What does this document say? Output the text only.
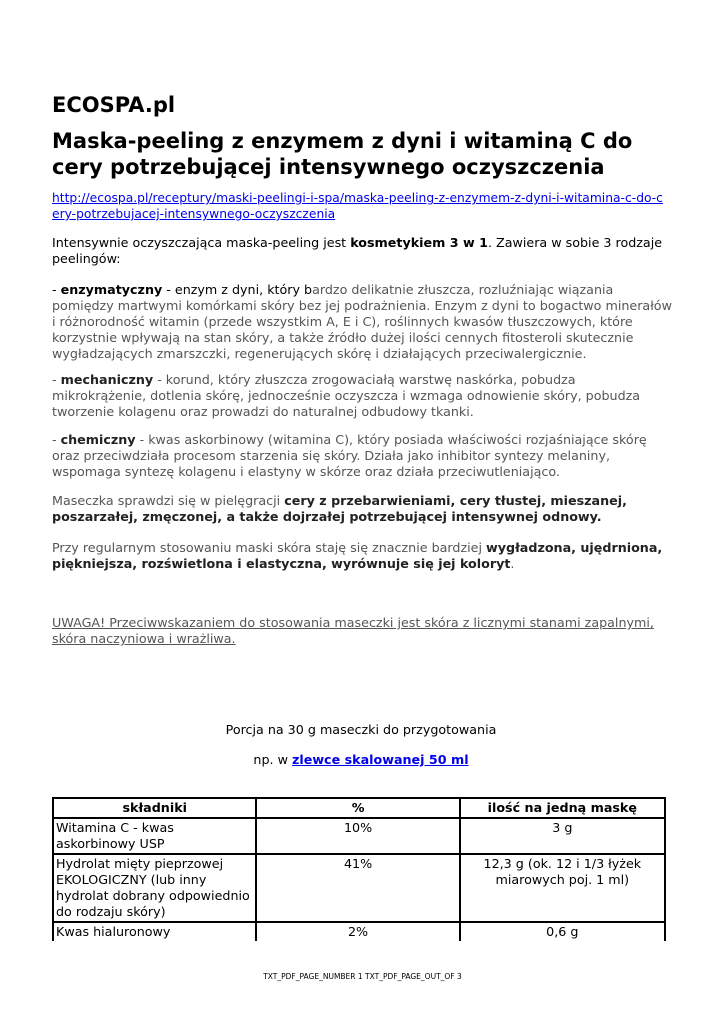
ECOSPA.pl
Maska-peeling z enzymem z dyni i witaminą C do cery potrzebującej intensywnego oczyszczenia
http://ecospa.pl/receptury/maski-peelingi-i-spa/maska-peeling-z-enzymem-z-dyni-i-witamina-c-do-cery-potrzebujacej-intensywnego-oczyszczenia

Intensywnie oczyszczająca maska-peeling jest kosmetykiem 3 w 1. Zawiera w sobie 3 rodzaje peelingów:

- enzymatyczny - enzym z dyni, który bardzo delikatnie złuszcza, rozluźniając wiązania pomiędzy martwymi komórkami skóry bez jej podrażnienia. Enzym z dyni to bogactwo minerałów i różnorodność witamin (przede wszystkim A, E i C), roślinnych kwasów tłuszczowych, które korzystnie wpływają na stan skóry, a także źródło dużej ilości cennych fitosteroli skutecznie wygładzających zmarszczki, regenerujących skórę i działających przeciwalergicznie.

- mechaniczny - korund, który złuszcza zrogowaciałą warstwę naskórka, pobudza mikrokrążenie, dotlenia skórę, jednocześnie oczyszcza i wzmaga odnowienie skóry, pobudza tworzenie kolagenu oraz prowadzi do naturalnej odbudowy tkanki.

- chemiczny - kwas askorbinowy (witamina C), który posiada właściwości rozjaśniające skórę oraz przeciwdziała procesom starzenia się skóry. Działa jako inhibitor syntezy melaniny, wspomaga syntezę kolagenu i elastyny w skórze oraz działa przeciwutleniająco.

Maseczka sprawdzi się w pielęgracji cery z przebarwieniami, cery tłustej, mieszanej, poszarzałej, zmęczonej, a także dojrzałej potrzebującej intensywnej odnowy.

Przy regularnym stosowaniu maski skóra staję się znacznie bardziej wygładzona, ujędrniona, piękniejsza, rozświetlona i elastyczna, wyrównuje się jej koloryt.

UWAGA! Przeciwwskazaniem do stosowania maseczki jest skóra z licznymi stanami zapalnymi, skóra naczyniowa i wrażliwa.

Porcja na 30 g maseczki do przygotowania
np. w zlewce skalowanej 50 ml
składniki	%	ilość na jedną maskę
Witamina C - kwas askorbinowy USP	10%	3 g
Hydrolat mięty pieprzowej EKOLOGICZNY (lub inny hydrolat dobrany odpowiednio do rodzaju skóry)	41%	12,3 g (ok. 12 i 1/3 łyżek miarowych poj. 1 ml)
Kwas hialuronowy	2%	0,6 g
TXT_PDF_PAGE_NUMBER 1 TXT_PDF_PAGE_OUT_OF 3
